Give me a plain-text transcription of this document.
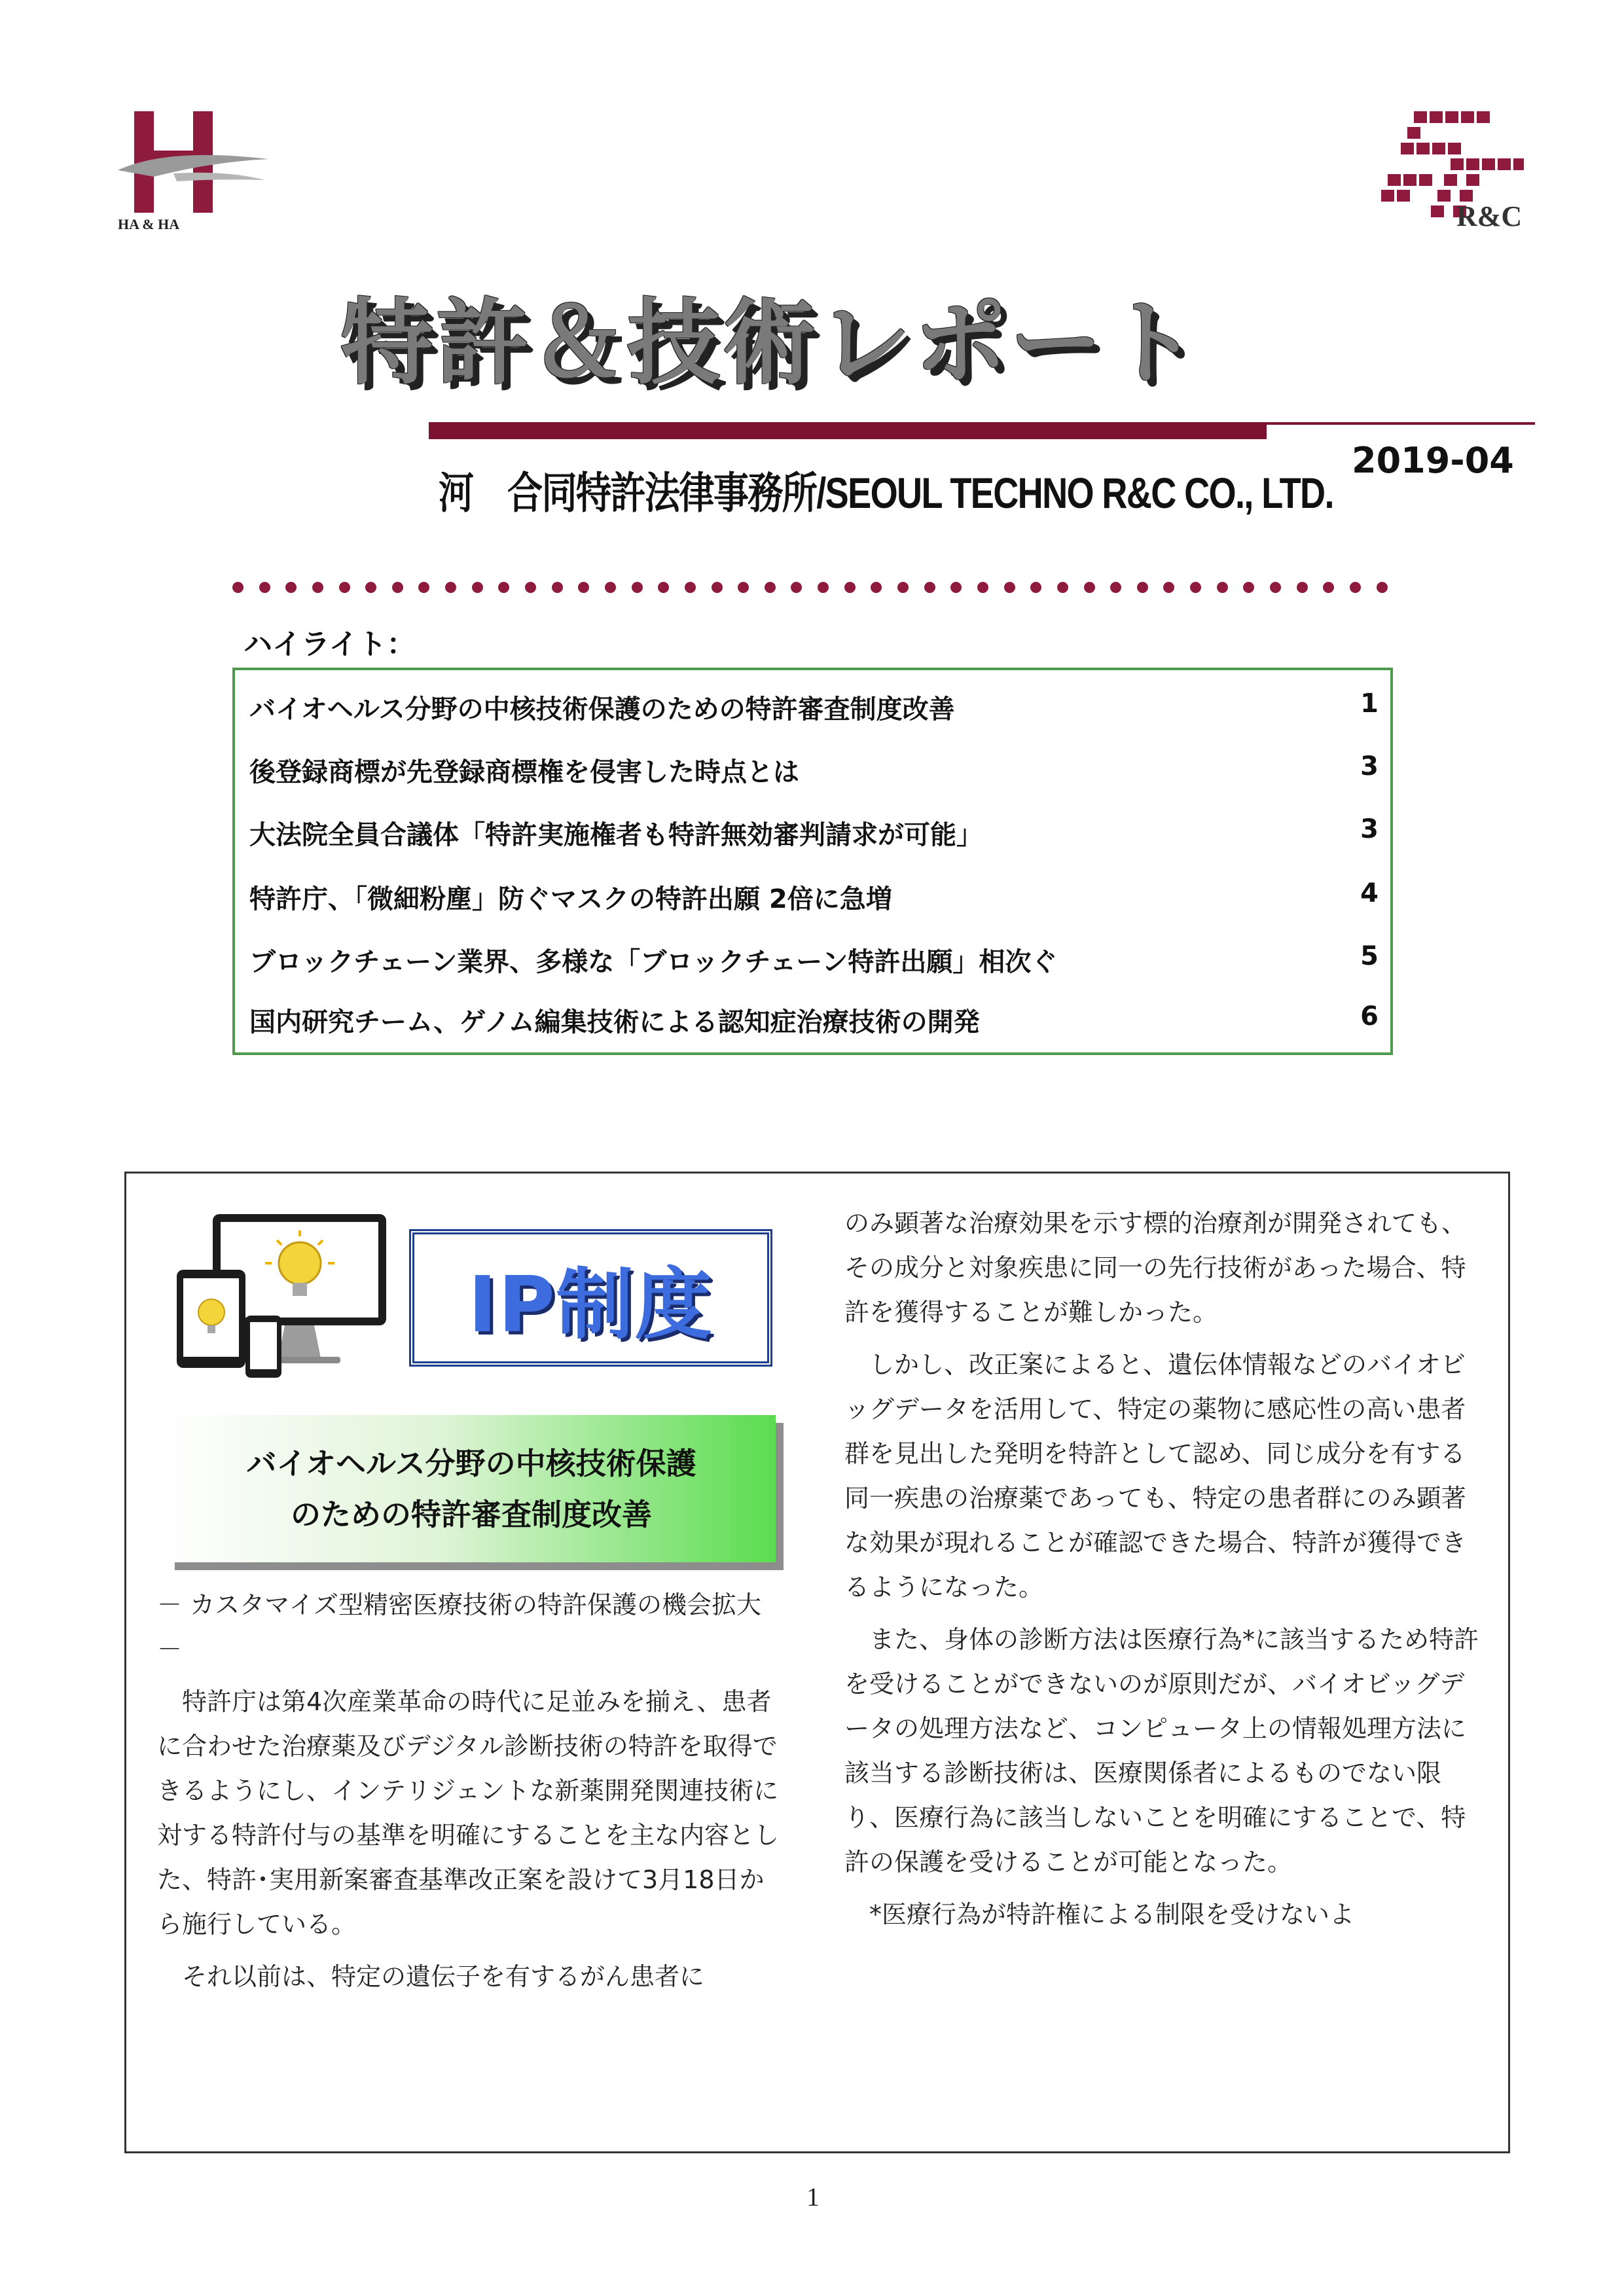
HA & HA	R&C
特許＆技術レポート
河　合同特許法律事務所/SEOUL TECHNO R&C CO., LTD.
2019-04
ハイライト：
バイオヘルス分野の中核技術保護のための特許審査制度改善	1
後登録商標が先登録商標権を侵害した時点とは	3
大法院全員合議体「特許実施権者も特許無効審判請求が可能」	3
特許庁、「微細粉塵」防ぐマスクの特許出願 2倍に急増	4
ブロックチェーン業界、多様な「ブロックチェーン特許出願」相次ぐ	5
国内研究チーム、ゲノム編集技術による認知症治療技術の開発	6
IP制度
バイオヘルス分野の中核技術保護
のための特許審査制度改善

－ カスタマイズ型精密医療技術の特許保護の機会拡大 －

特許庁は第4次産業革命の時代に足並みを揃え、患者に合わせた治療薬及びデジタル診断技術の特許を取得できるようにし、インテリジェントな新薬開発関連技術に対する特許付与の基準を明確にすることを主な内容とした、特許･実用新案審査基準改正案を設けて3月18日から施行している。

それ以前は、特定の遺伝子を有するがん患者に

のみ顕著な治療効果を示す標的治療剤が開発されても、その成分と対象疾患に同一の先行技術があった場合、特許を獲得することが難しかった。

しかし、改正案によると、遺伝体情報などのバイオビッグデータを活用して、特定の薬物に感応性の高い患者群を見出した発明を特許として認め、同じ成分を有する同一疾患の治療薬であっても、特定の患者群にのみ顕著な効果が現れることが確認できた場合、特許が獲得できるようになった。

また、身体の診断方法は医療行為*に該当するため特許を受けることができないのが原則だが、バイオビッグデータの処理方法など、コンピュータ上の情報処理方法に該当する診断技術は、医療関係者によるものでない限り、医療行為に該当しないことを明確にすることで、特許の保護を受けることが可能となった。

*医療行為が特許権による制限を受けないよ

1
